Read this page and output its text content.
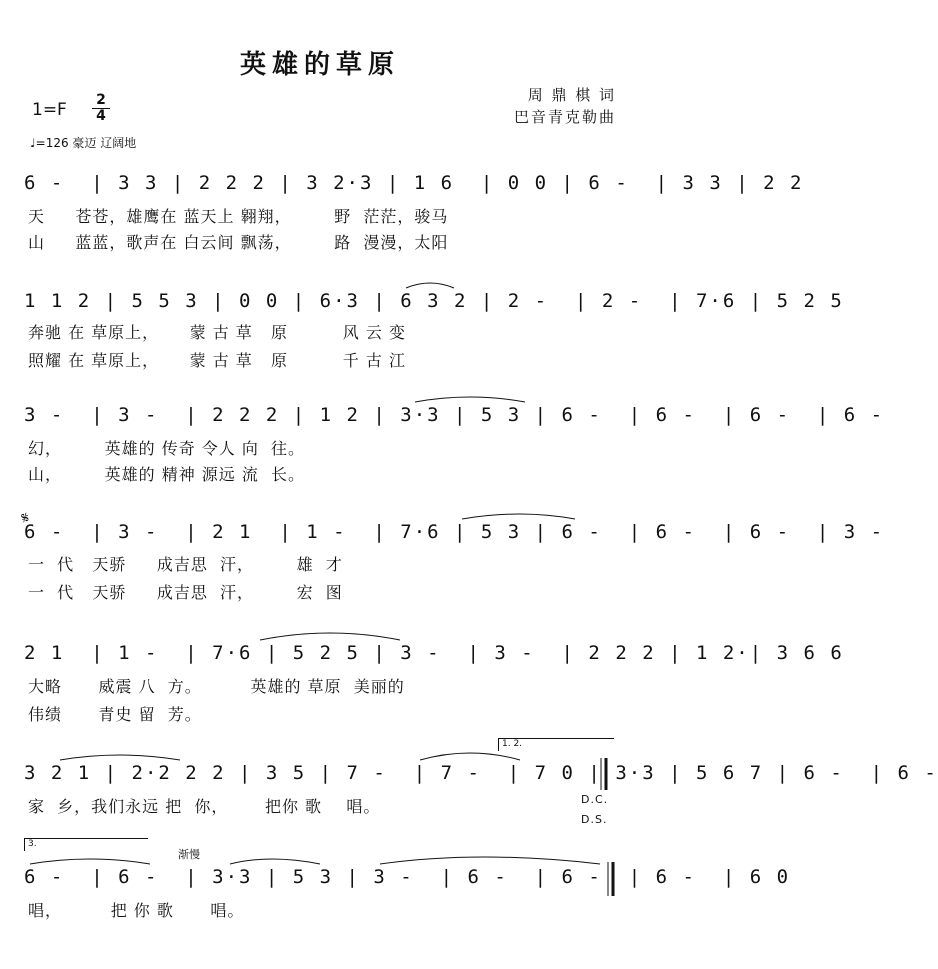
英雄的草原
周 鼎 棋 词
巴音青克勒曲
1=F 2
4
♩=126 豪迈 辽阔地
6 -  | 3 3 | 2 2 2 | 3 2·3 | 1 6  | 0 0 | 6 -  | 3 3 | 2 2
天     苍苍，雄鹰在 蓝天上 翱翔，       野  茫茫，骏马
山     蓝蓝，歌声在 白云间 飘荡，       路  漫漫，太阳
1 1 2 | 5 5 3 | 0 0 | 6·3 | 6 3 2 | 2 -  | 2 -  | 7·6 | 5 2 5
奔驰 在 草原上，     蒙 古 草   原         风 云 变
照耀 在 草原上，     蒙 古 草   原         千 古 江
3 -  | 3 -  | 2 2 2 | 1 2 | 3·3 | 5 3 | 6 -  | 6 -  | 6 -  | 6 -
幻，       英雄的 传奇 令人 向  往。
山，       英雄的 精神 源远 流  长。
𝄋
6 -  | 3 -  | 2 1  | 1 -  | 7·6 | 5 3 | 6 -  | 6 -  | 6 -  | 3 -
一  代   天骄     成吉思  汗，       雄  才
一  代   天骄     成吉思  汗，       宏  图
2 1  | 1 -  | 7·6 | 5 2 5 | 3 -  | 3 -  | 2 2 2 | 1 2·| 3 6 6
大略      威震 八  方。        英雄的 草原  美丽的
伟绩      青史 留  芳。
1. 2.
3 2 1 | 2·2 2 2 | 3 5 | 7 -  | 7 -  | 7 0 | 3·3 | 5 6 7 | 6 -  | 6 -
家  乡，我们永远 把  你，      把你 歌    唱。	D.C.
D.S.
3.
渐慢
6 -  | 6 -  | 3·3 | 5 3 | 3 -  | 6 -  | 6 -  | 6 -  | 6 0
唱，        把 你 歌      唱。
